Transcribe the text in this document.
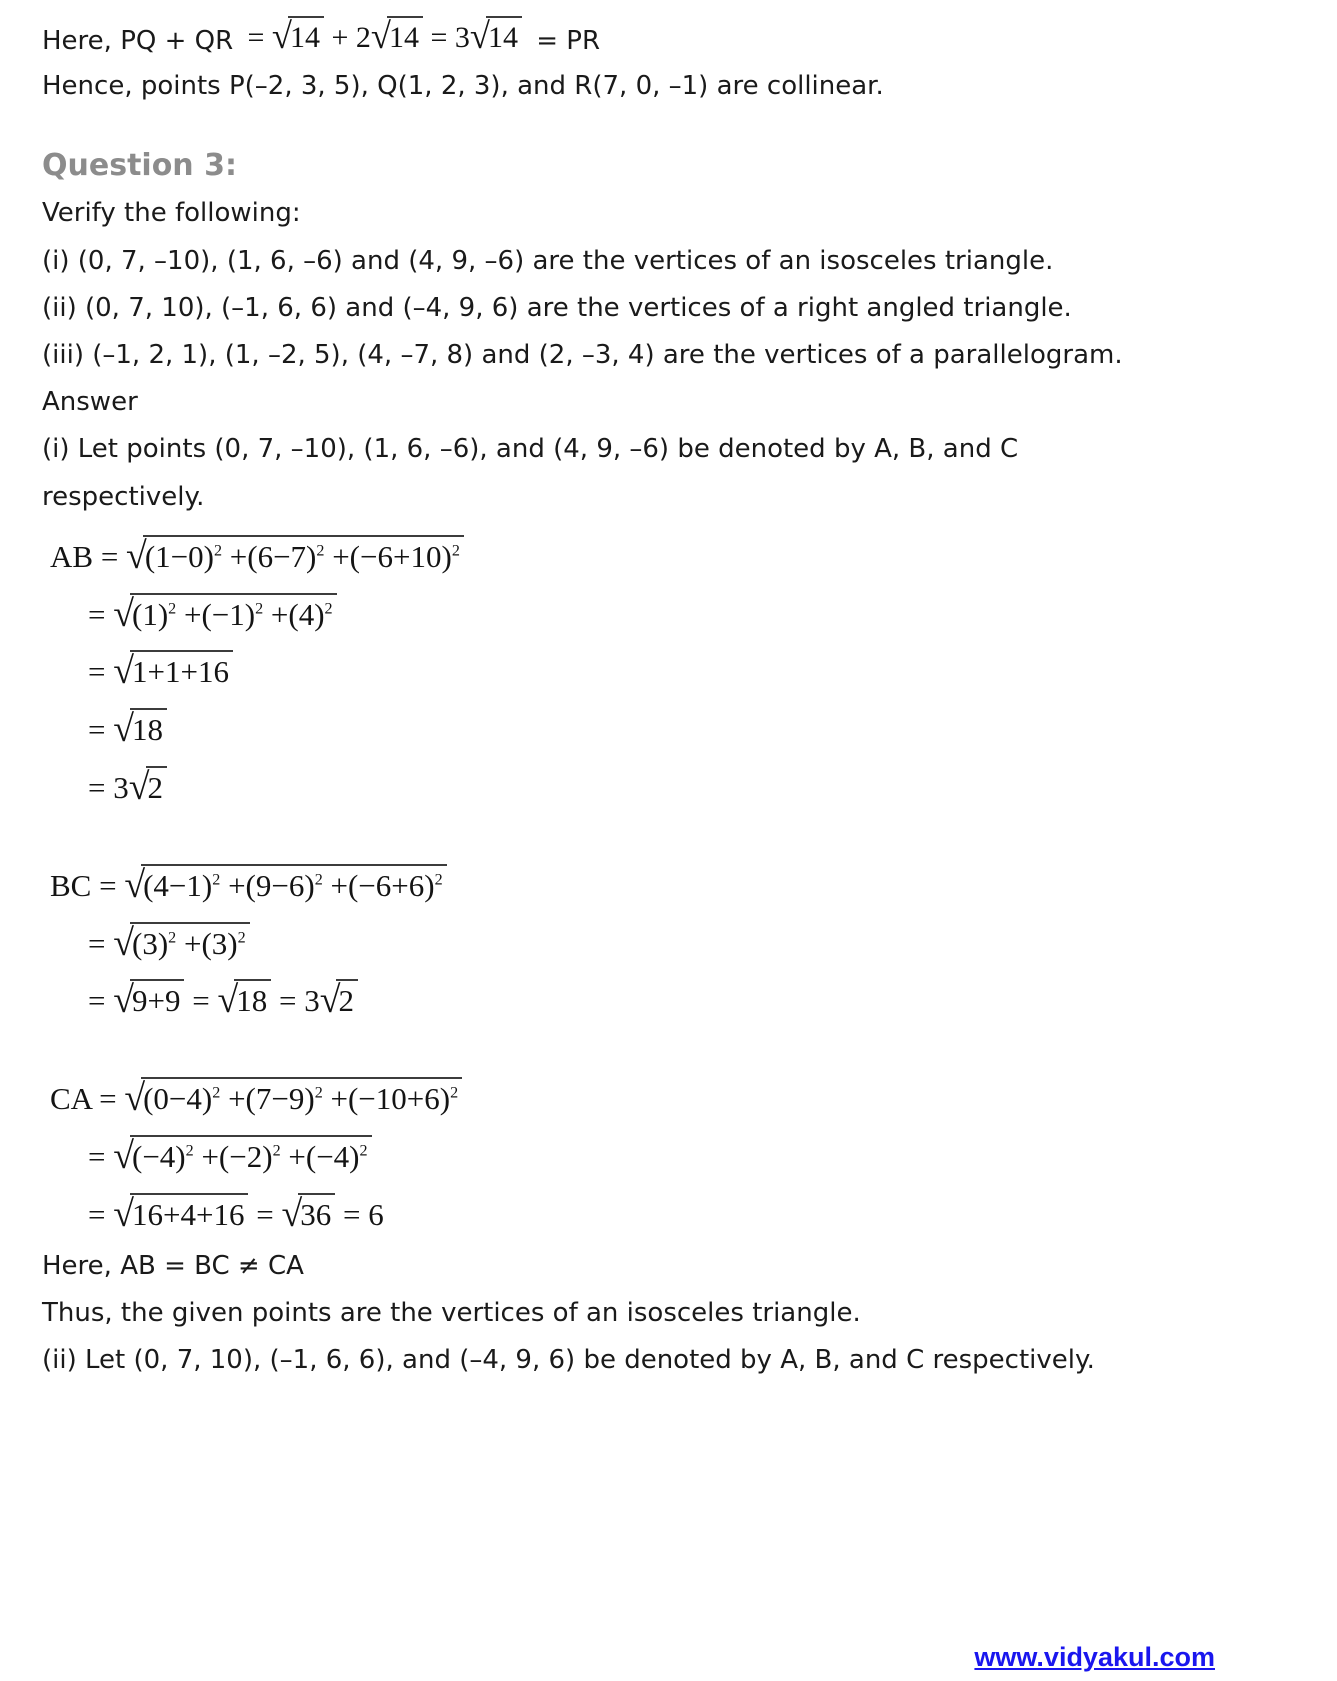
Here, PQ + QR = √14 + 2√14 = 3√14 = PR

Hence, points P(–2, 3, 5), Q(1, 2, 3), and R(7, 0, –1) are collinear.

Question 3:

Verify the following:

(i) (0, 7, –10), (1, 6, –6) and (4, 9, –6) are the vertices of an isosceles triangle.

(ii) (0, 7, 10), (–1, 6, 6) and (–4, 9, 6) are the vertices of a right angled triangle.

(iii) (–1, 2, 1), (1, –2, 5), (4, –7, 8) and (2, –3, 4) are the vertices of a parallelogram.

Answer

(i) Let points (0, 7, –10), (1, 6, –6), and (4, 9, –6) be denoted by A, B, and C

respectively.

AB = $√(1-0)^2 +(6-7)^2 +(-6+10)^2$
= $√(1)^2 +(-1)^2 +(4)^2$
= √1+1+16
= √18
= 3√2
BC = $√(4-1)^2 +(9-6)^2 +(-6+6)^2$
= $√(3)^2 +(3)^2$
= √9+9 = √18 = 3√2
CA = $√(0-4)^2 +(7-9)^2 +(-10+6)^2$
= $√(-4)^2 +(-2)^2 +(-4)^2$
= √16+4+16 = √36 = 6

Here, AB = BC ≠ CA

Thus, the given points are the vertices of an isosceles triangle.

(ii) Let (0, 7, 10), (–1, 6, 6), and (–4, 9, 6) be denoted by A, B, and C respectively.

www.vidyakul.com
